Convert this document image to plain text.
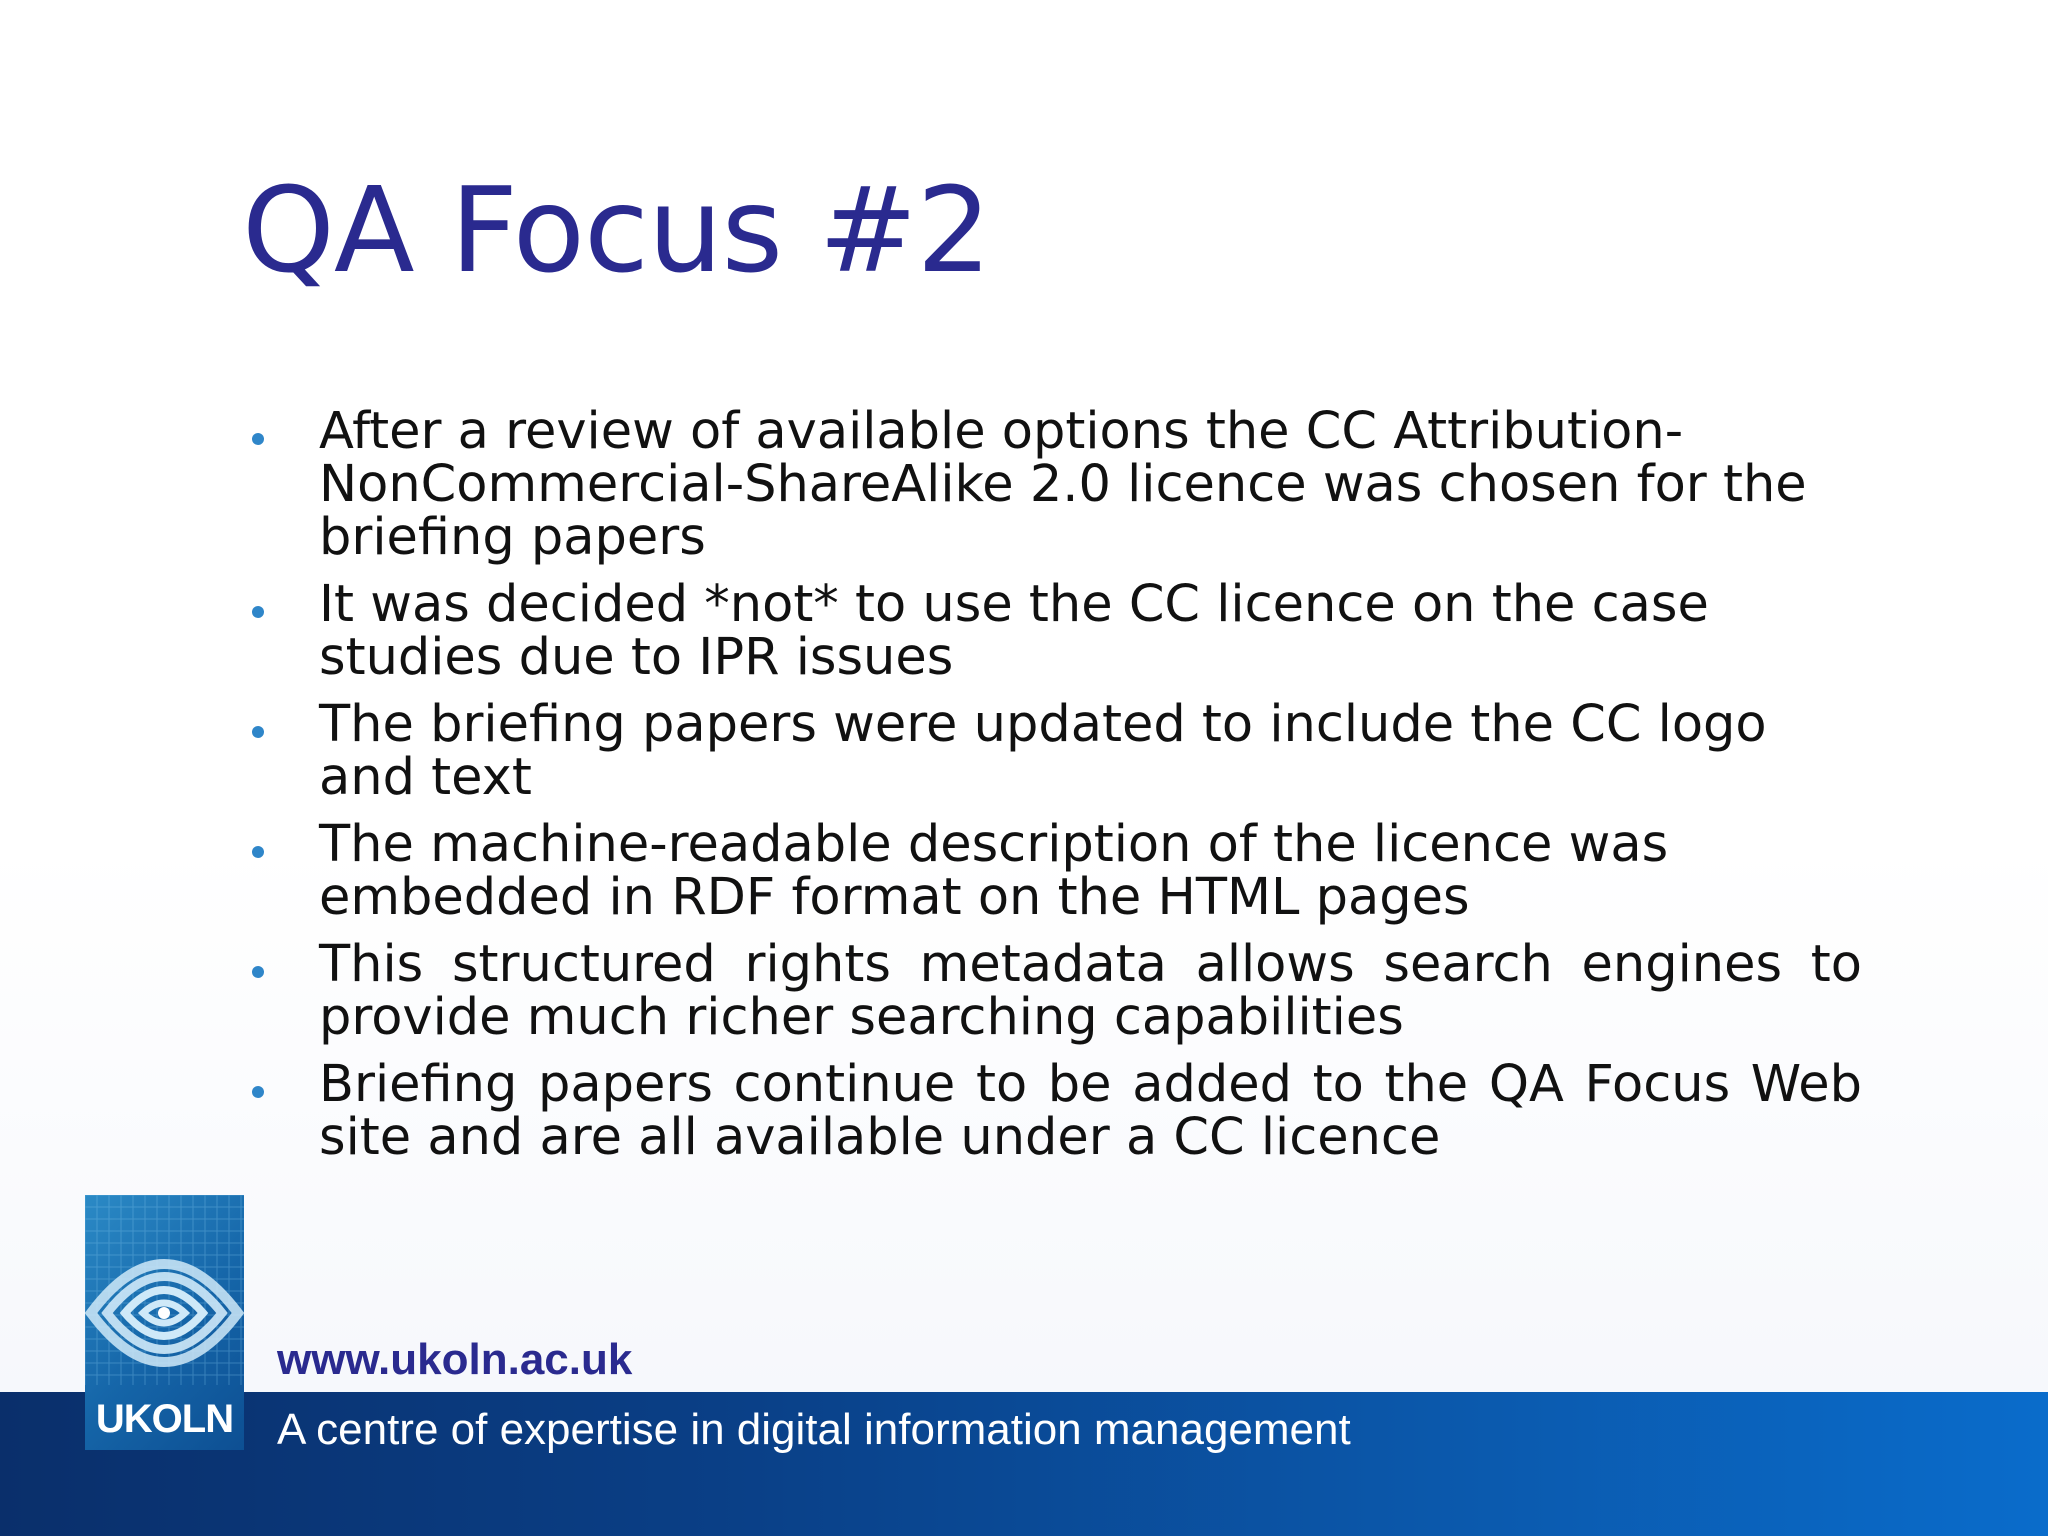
QA Focus #2
After a review of available options the CC Attribution-NonCommercial-ShareAlike 2.0 licence was chosen for the briefing papers
It was decided *not* to use the CC licence on the case studies due to IPR issues
The briefing papers were updated to include the CC logo and text
The machine-readable description of the licence was embedded in RDF format on the HTML pages
This structured rights metadata allows search engines to provide much richer searching capabilities
Briefing papers continue to be added to the QA Focus Web site and are all available under a CC licence
UKOLN
www.ukoln.ac.uk
A centre of expertise in digital information management
